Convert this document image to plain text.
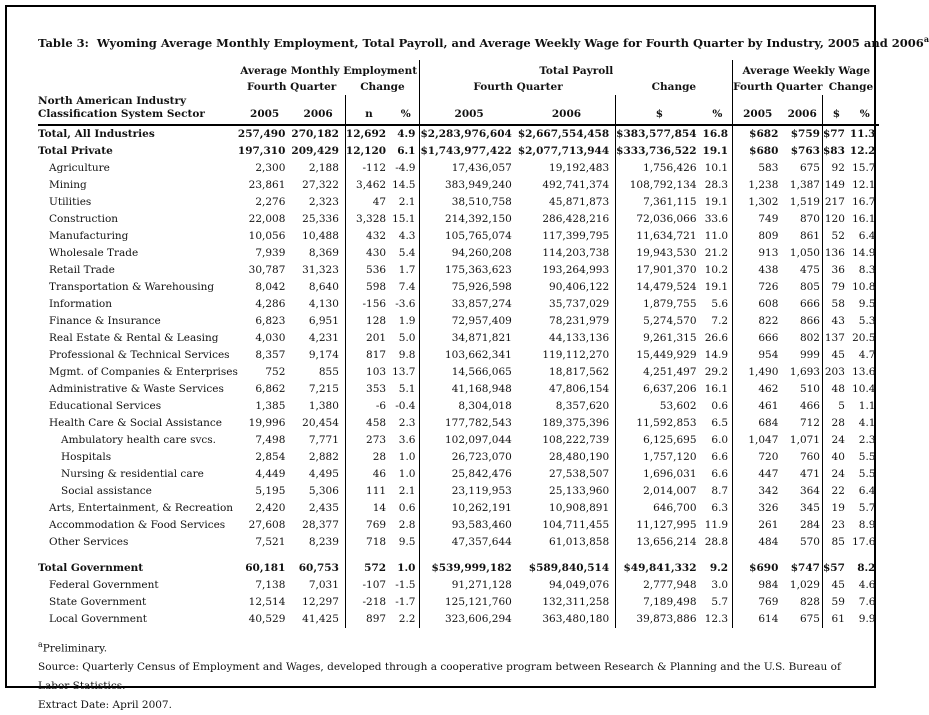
Table 3: Wyoming Average Monthly Employment, Total Payroll, and Average Weekly Wage for Fourth Quarter by Industry, 2005 and 2006$^a$
	Average Monthly Employment				Total Payroll				Average Weekly Wage			
	Fourth Quarter		Change		Fourth Quarter		Change		Fourth Quarter		Change	

North American Industry
Classification System Sector	2005	2006	n	%	2005	2006	$	%	2005	2006	$	%
Total, All Industries	257,490	270,182	12,692	4.9	$2,283,976,604	$2,667,554,458	$383,577,854	16.8	$682	$759	$77	11.3
Total Private	197,310	209,429	12,120	6.1	$1,743,977,422	$2,077,713,944	$333,736,522	19.1	$680	$763	$83	12.2
Agriculture	2,300	2,188	-112	-4.9	17,436,057	19,192,483	1,756,426	10.1	583	675	92	15.7
Mining	23,861	27,322	3,462	14.5	383,949,240	492,741,374	108,792,134	28.3	1,238	1,387	149	12.1
Utilities	2,276	2,323	47	2.1	38,510,758	45,871,873	7,361,115	19.1	1,302	1,519	217	16.7
Construction	22,008	25,336	3,328	15.1	214,392,150	286,428,216	72,036,066	33.6	749	870	120	16.1
Manufacturing	10,056	10,488	432	4.3	105,765,074	117,399,795	11,634,721	11.0	809	861	52	6.4
Wholesale Trade	7,939	8,369	430	5.4	94,260,208	114,203,738	19,943,530	21.2	913	1,050	136	14.9
Retail Trade	30,787	31,323	536	1.7	175,363,623	193,264,993	17,901,370	10.2	438	475	36	8.3
Transportation & Warehousing	8,042	8,640	598	7.4	75,926,598	90,406,122	14,479,524	19.1	726	805	79	10.8
Information	4,286	4,130	-156	-3.6	33,857,274	35,737,029	1,879,755	5.6	608	666	58	9.5
Finance & Insurance	6,823	6,951	128	1.9	72,957,409	78,231,979	5,274,570	7.2	822	866	43	5.3
Real Estate & Rental & Leasing	4,030	4,231	201	5.0	34,871,821	44,133,136	9,261,315	26.6	666	802	137	20.5
Professional & Technical Services	8,357	9,174	817	9.8	103,662,341	119,112,270	15,449,929	14.9	954	999	45	4.7
Mgmt. of Companies & Enterprises	752	855	103	13.7	14,566,065	18,817,562	4,251,497	29.2	1,490	1,693	203	13.6
Administrative & Waste Services	6,862	7,215	353	5.1	41,168,948	47,806,154	6,637,206	16.1	462	510	48	10.4
Educational Services	1,385	1,380	-6	-0.4	8,304,018	8,357,620	53,602	0.6	461	466	5	1.1
Health Care & Social Assistance	19,996	20,454	458	2.3	177,782,543	189,375,396	11,592,853	6.5	684	712	28	4.1
Ambulatory health care svcs.	7,498	7,771	273	3.6	102,097,044	108,222,739	6,125,695	6.0	1,047	1,071	24	2.3
Hospitals	2,854	2,882	28	1.0	26,723,070	28,480,190	1,757,120	6.6	720	760	40	5.5
Nursing & residential care	4,449	4,495	46	1.0	25,842,476	27,538,507	1,696,031	6.6	447	471	24	5.5
Social assistance	5,195	5,306	111	2.1	23,119,953	25,133,960	2,014,007	8.7	342	364	22	6.4
Arts, Entertainment, & Recreation	2,420	2,435	14	0.6	10,262,191	10,908,891	646,700	6.3	326	345	19	5.7
Accommodation & Food Services	27,608	28,377	769	2.8	93,583,460	104,711,455	11,127,995	11.9	261	284	23	8.9
Other Services	7,521	8,239	718	9.5	47,357,644	61,013,858	13,656,214	28.8	484	570	85	17.6
Total Government	60,181	60,753	572	1.0	$539,999,182	$589,840,514	$49,841,332	9.2	$690	$747	$57	8.2
Federal Government	7,138	7,031	-107	-1.5	91,271,128	94,049,076	2,777,948	3.0	984	1,029	45	4.6
State Government	12,514	12,297	-218	-1.7	125,121,760	132,311,258	7,189,498	5.7	769	828	59	7.6
Local Government	40,529	41,425	897	2.2	323,606,294	363,480,180	39,873,886	12.3	614	675	61	9.9
$^a$Preliminary.
Source: Quarterly Census of Employment and Wages, developed through a cooperative program between Research & Planning and the U.S. Bureau of Labor Statistics.
Extract Date: April 2007.
